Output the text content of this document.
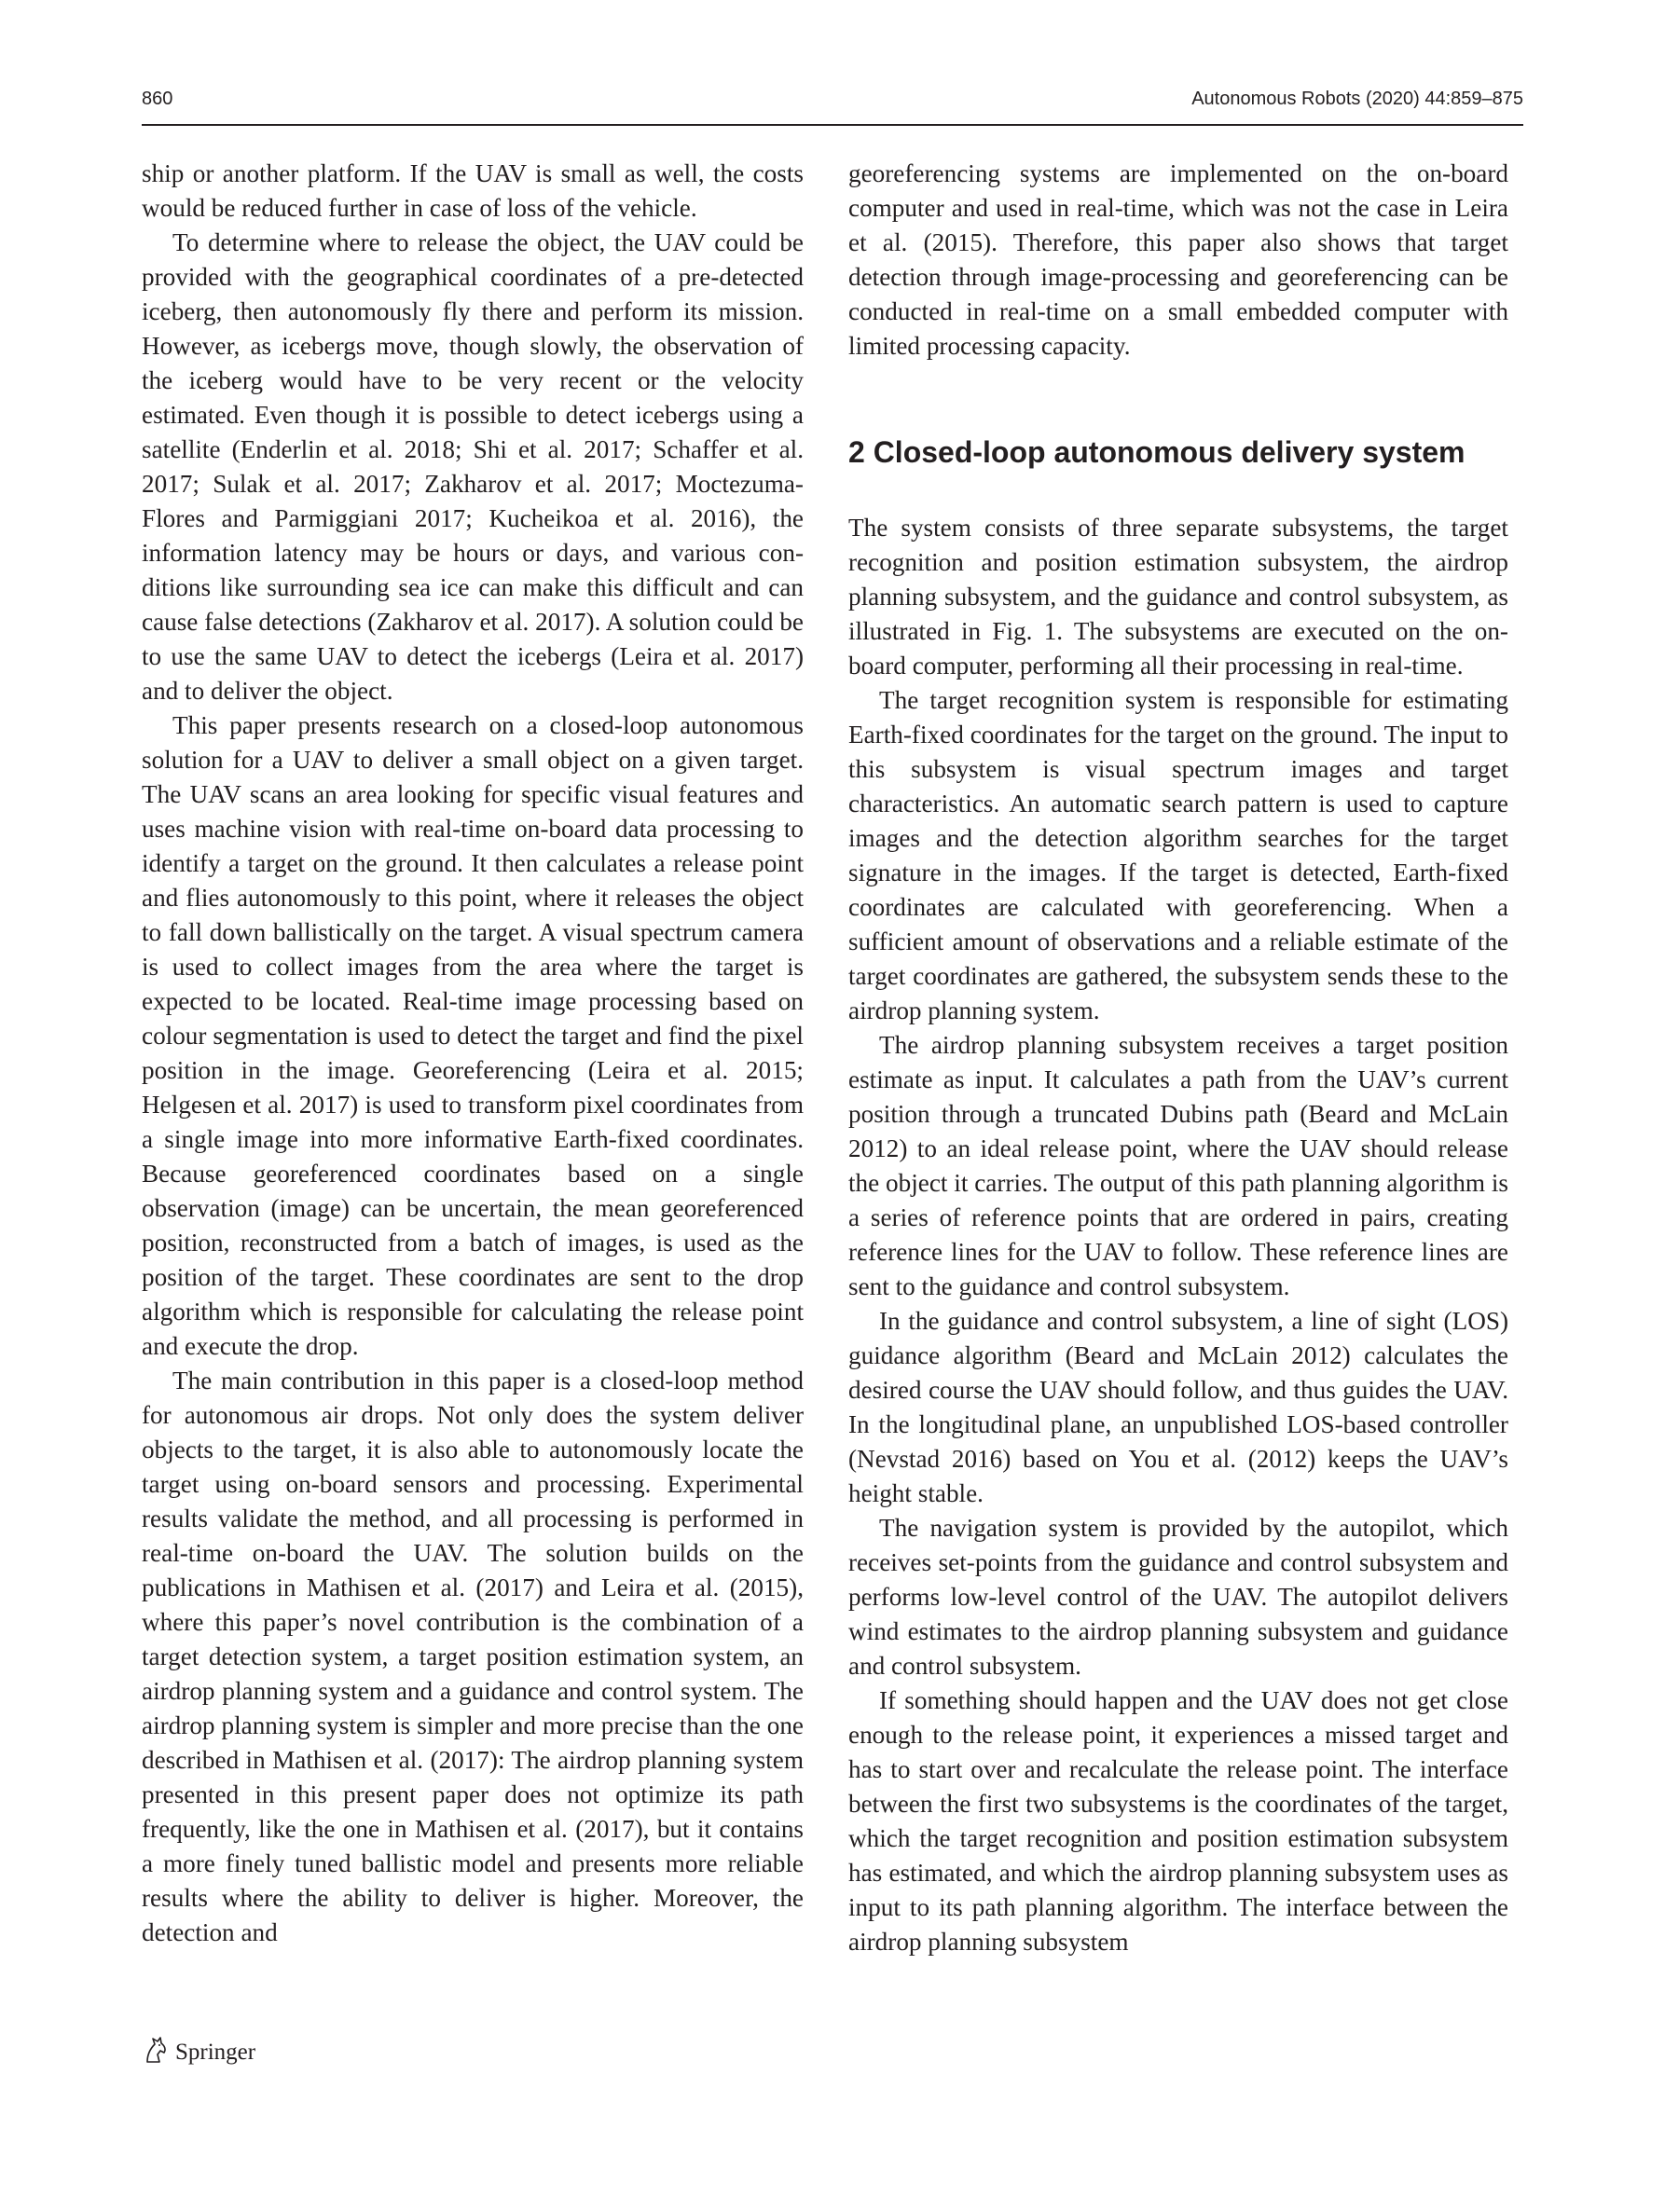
860	Autonomous Robots (2020) 44:859–875

ship or another platform. If the UAV is small as well, the costs would be reduced further in case of loss of the vehicle.

To determine where to release the object, the UAV could be provided with the geographical coordinates of a pre-detected iceberg, then autonomously fly there and perform its mission. However, as icebergs move, though slowly, the observation of the iceberg would have to be very recent or the velocity estimated. Even though it is possible to detect icebergs using a satellite (Enderlin et al. 2018; Shi et al. 2017; Schaffer et al. 2017; Sulak et al. 2017; Zakharov et al. 2017; Moctezuma-Flores and Parmiggiani 2017; Kucheikoa et al. 2016), the information latency may be hours or days, and various conditions like surrounding sea ice can make this difficult and can cause false detections (Zakharov et al. 2017). A solution could be to use the same UAV to detect the icebergs (Leira et al. 2017) and to deliver the object.

This paper presents research on a closed-loop autonomous solution for a UAV to deliver a small object on a given target. The UAV scans an area looking for specific visual features and uses machine vision with real-time on-board data processing to identify a target on the ground. It then calculates a release point and flies autonomously to this point, where it releases the object to fall down ballistically on the target. A visual spectrum camera is used to collect images from the area where the target is expected to be located. Real-time image processing based on colour segmentation is used to detect the target and find the pixel position in the image. Georeferencing (Leira et al. 2015; Helgesen et al. 2017) is used to transform pixel coordinates from a single image into more informative Earth-fixed coordinates. Because georeferenced coordinates based on a single observation (image) can be uncertain, the mean georeferenced position, reconstructed from a batch of images, is used as the position of the target. These coordinates are sent to the drop algorithm which is responsible for calculating the release point and execute the drop.

The main contribution in this paper is a closed-loop method for autonomous air drops. Not only does the system deliver objects to the target, it is also able to autonomously locate the target using on-board sensors and processing. Experimental results validate the method, and all processing is performed in real-time on-board the UAV. The solution builds on the publications in Mathisen et al. (2017) and Leira et al. (2015), where this paper’s novel contribution is the combination of a target detection system, a target position estimation system, an airdrop planning system and a guidance and control system. The airdrop planning system is simpler and more precise than the one described in Mathisen et al. (2017): The airdrop planning system presented in this present paper does not optimize its path frequently, like the one in Mathisen et al. (2017), but it contains a more finely tuned ballistic model and presents more reliable results where the ability to deliver is higher. Moreover, the detection and

georeferencing systems are implemented on the on-board computer and used in real-time, which was not the case in Leira et al. (2015). Therefore, this paper also shows that target detection through image-processing and georeferencing can be conducted in real-time on a small embedded computer with limited processing capacity.

2 Closed-loop autonomous delivery system

The system consists of three separate subsystems, the target recognition and position estimation subsystem, the airdrop planning subsystem, and the guidance and control subsystem, as illustrated in Fig. 1. The subsystems are executed on the on-board computer, performing all their processing in real-time.

The target recognition system is responsible for estimating Earth-fixed coordinates for the target on the ground. The input to this subsystem is visual spectrum images and target characteristics. An automatic search pattern is used to capture images and the detection algorithm searches for the target signature in the images. If the target is detected, Earth-fixed coordinates are calculated with georeferencing. When a sufficient amount of observations and a reliable estimate of the target coordinates are gathered, the subsystem sends these to the airdrop planning system.

The airdrop planning subsystem receives a target position estimate as input. It calculates a path from the UAV’s current position through a truncated Dubins path (Beard and McLain 2012) to an ideal release point, where the UAV should release the object it carries. The output of this path planning algorithm is a series of reference points that are ordered in pairs, creating reference lines for the UAV to follow. These reference lines are sent to the guidance and control subsystem.

In the guidance and control subsystem, a line of sight (LOS) guidance algorithm (Beard and McLain 2012) calculates the desired course the UAV should follow, and thus guides the UAV. In the longitudinal plane, an unpublished LOS-based controller (Nevstad 2016) based on You et al. (2012) keeps the UAV’s height stable.

The navigation system is provided by the autopilot, which receives set-points from the guidance and control subsystem and performs low-level control of the UAV. The autopilot delivers wind estimates to the airdrop planning subsystem and guidance and control subsystem.

If something should happen and the UAV does not get close enough to the release point, it experiences a missed target and has to start over and recalculate the release point. The interface between the first two subsystems is the coordinates of the target, which the target recognition and position estimation subsystem has estimated, and which the airdrop planning subsystem uses as input to its path planning algorithm. The interface between the airdrop planning subsystem

Springer
